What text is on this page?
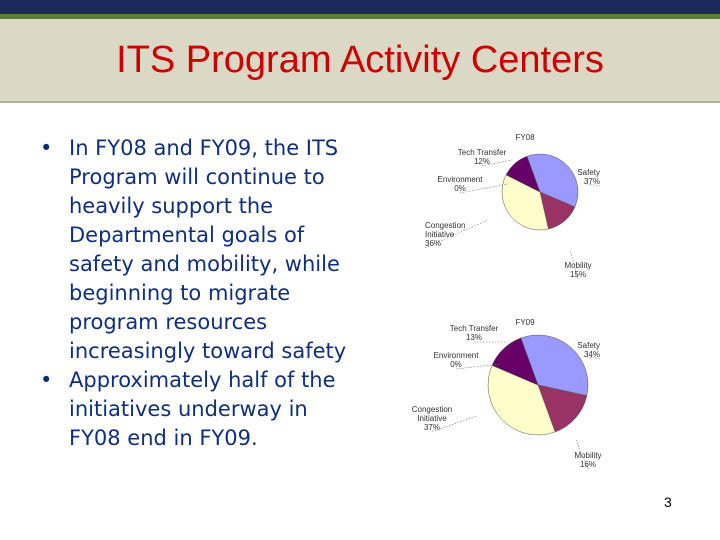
ITS Program Activity Centers
• In FY08 and FY09, the ITS Program will continue to heavily support the Departmental goals of safety and mobility, while beginning to migrate program resources increasingly toward safety
• Approximately half of the initiatives underway in FY08 end in FY09.
FY08
Safety
37%
Mobility
15%
Congestion
Initiative
36%
Environment
0%
Tech Transfer
12%
FY09
Safety
34%
Mobility
16%
Congestion
Initiative
37%
Environment
0%
Tech Transfer
13%
3
